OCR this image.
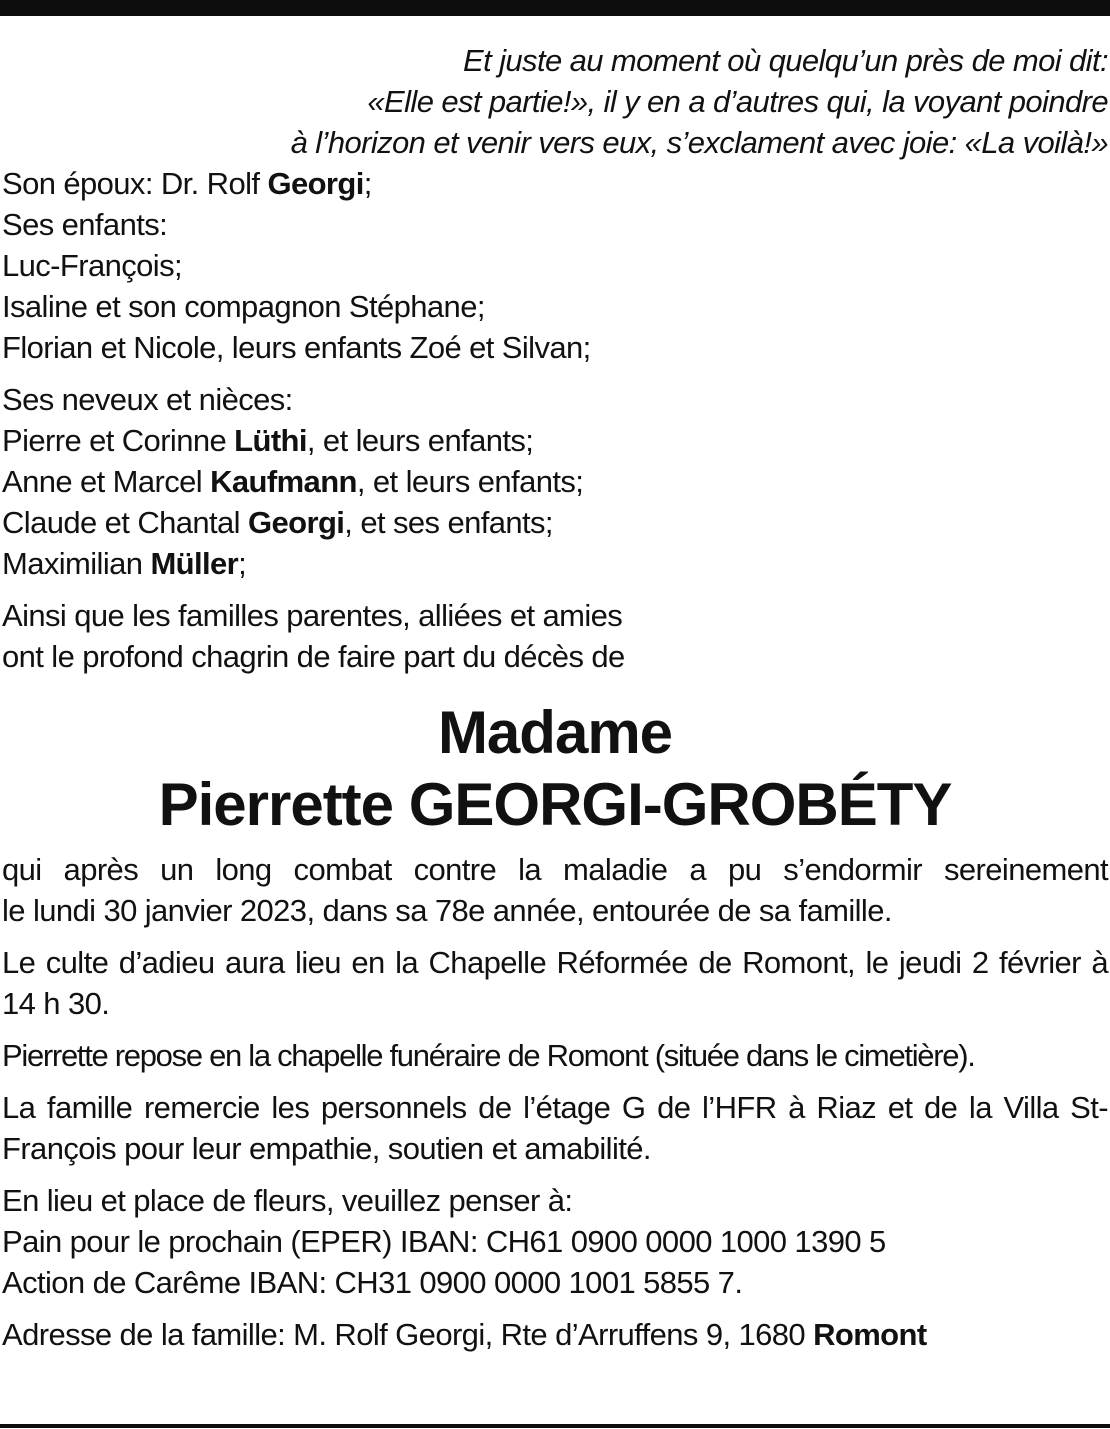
Et juste au moment où quelqu’un près de moi dit:
«Elle est partie!», il y en a d’autres qui, la voyant poindre
à l’horizon et venir vers eux, s’exclament avec joie: «La voilà!»
Son époux: Dr. Rolf Georgi;
Ses enfants:
Luc-François;
Isaline et son compagnon Stéphane;
Florian et Nicole, leurs enfants Zoé et Silvan;
Ses neveux et nièces:
Pierre et Corinne Lüthi, et leurs enfants;
Anne et Marcel Kaufmann, et leurs enfants;
Claude et Chantal Georgi, et ses enfants;
Maximilian Müller;
Ainsi que les familles parentes, alliées et amies
ont le profond chagrin de faire part du décès de
Madame
Pierrette GEORGI-GROBÉTY
qui après un long combat contre la maladie a pu s’endormir sereinement
le lundi 30 janvier 2023, dans sa 78e année, entourée de sa famille.
Le culte d’adieu aura lieu en la Chapelle Réformée de Romont, le jeudi 2 février à 14 h 30.
Pierrette repose en la chapelle funéraire de Romont (située dans le cimetière).
La famille remercie les personnels de l’étage G de l’HFR à Riaz et de la Villa St-François pour leur empathie, soutien et amabilité.
En lieu et place de fleurs, veuillez penser à:
Pain pour le prochain (EPER) IBAN: CH61 0900 0000 1000 1390 5
Action de Carême IBAN: CH31 0900 0000 1001 5855 7.
Adresse de la famille: M. Rolf Georgi, Rte d’Arruffens 9, 1680 Romont
